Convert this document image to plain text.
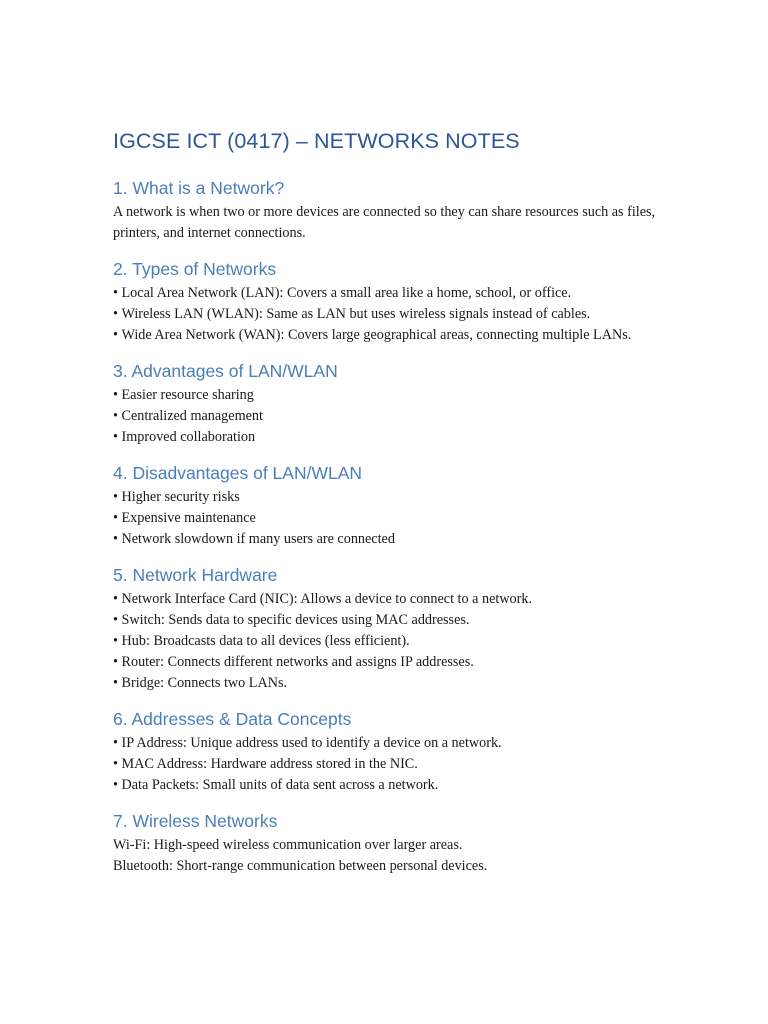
IGCSE ICT (0417) – NETWORKS NOTES
1. What is a Network?

A network is when two or more devices are connected so they can share resources such as files, printers, and internet connections.

2. Types of Networks

• Local Area Network (LAN): Covers a small area like a home, school, or office.

• Wireless LAN (WLAN): Same as LAN but uses wireless signals instead of cables.

• Wide Area Network (WAN): Covers large geographical areas, connecting multiple LANs.

3. Advantages of LAN/WLAN

• Easier resource sharing

• Centralized management

• Improved collaboration

4. Disadvantages of LAN/WLAN

• Higher security risks

• Expensive maintenance

• Network slowdown if many users are connected

5. Network Hardware

• Network Interface Card (NIC): Allows a device to connect to a network.

• Switch: Sends data to specific devices using MAC addresses.

• Hub: Broadcasts data to all devices (less efficient).

• Router: Connects different networks and assigns IP addresses.

• Bridge: Connects two LANs.

6. Addresses & Data Concepts

• IP Address: Unique address used to identify a device on a network.

• MAC Address: Hardware address stored in the NIC.

• Data Packets: Small units of data sent across a network.

7. Wireless Networks

Wi-Fi: High-speed wireless communication over larger areas.

Bluetooth: Short-range communication between personal devices.
